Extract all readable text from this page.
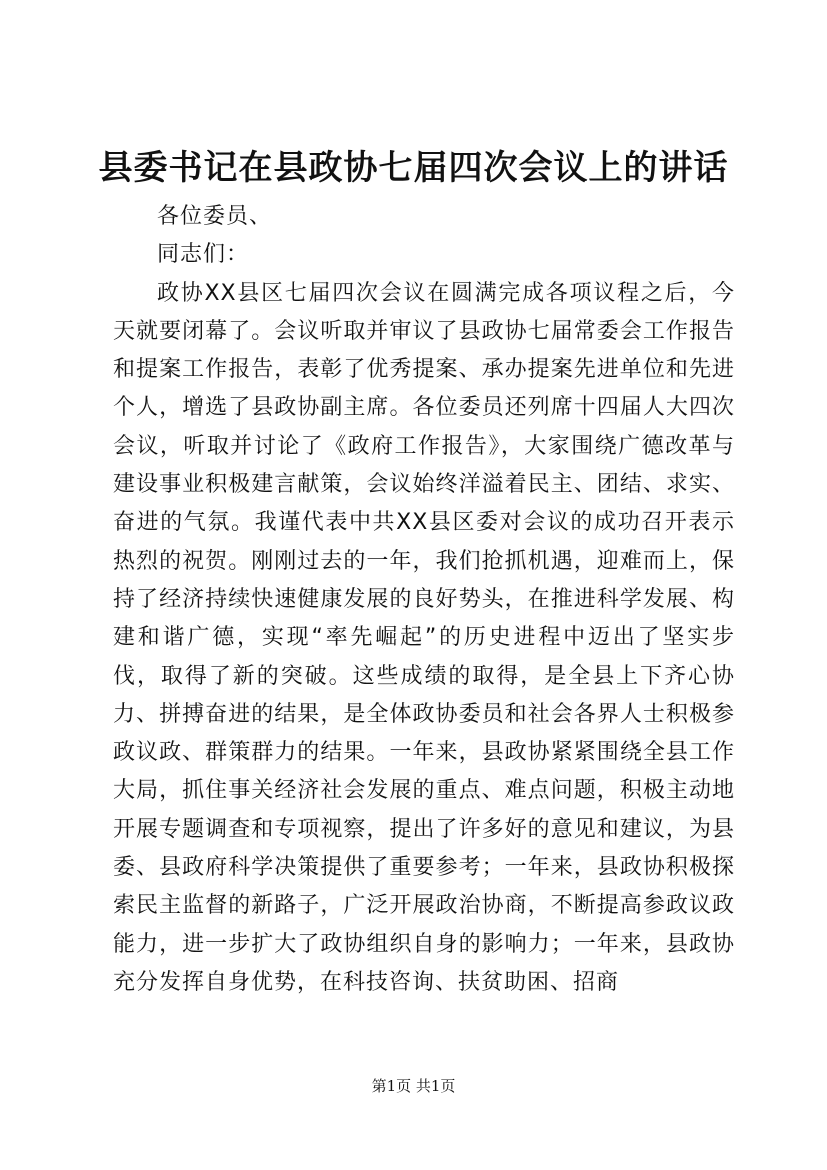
县委书记在县政协七届四次会议上的讲话

各位委员、

同志们：

政协XX县区七届四次会议在圆满完成各项议程之后，今天就要闭幕了。会议听取并审议了县政协七届常委会工作报告和提案工作报告，表彰了优秀提案、承办提案先进单位和先进个人，增选了县政协副主席。各位委员还列席十四届人大四次会议，听取并讨论了《政府工作报告》，大家围绕广德改革与建设事业积极建言献策，会议始终洋溢着民主、团结、求实、奋进的气氛。我谨代表中共XX县区委对会议的成功召开表示热烈的祝贺。刚刚过去的一年，我们抢抓机遇，迎难而上，保持了经济持续快速健康发展的良好势头，在推进科学发展、构建和谐广德，实现“率先崛起”的历史进程中迈出了坚实步伐，取得了新的突破。这些成绩的取得，是全县上下齐心协力、拼搏奋进的结果，是全体政协委员和社会各界人士积极参政议政、群策群力的结果。一年来，县政协紧紧围绕全县工作大局，抓住事关经济社会发展的重点、难点问题，积极主动地开展专题调查和专项视察，提出了许多好的意见和建议，为县委、县政府科学决策提供了重要参考；一年来，县政协积极探索民主监督的新路子，广泛开展政治协商，不断提高参政议政能力，进一步扩大了政协组织自身的影响力；一年来，县政协充分发挥自身优势，在科技咨询、扶贫助困、招商

第1页 共1页
